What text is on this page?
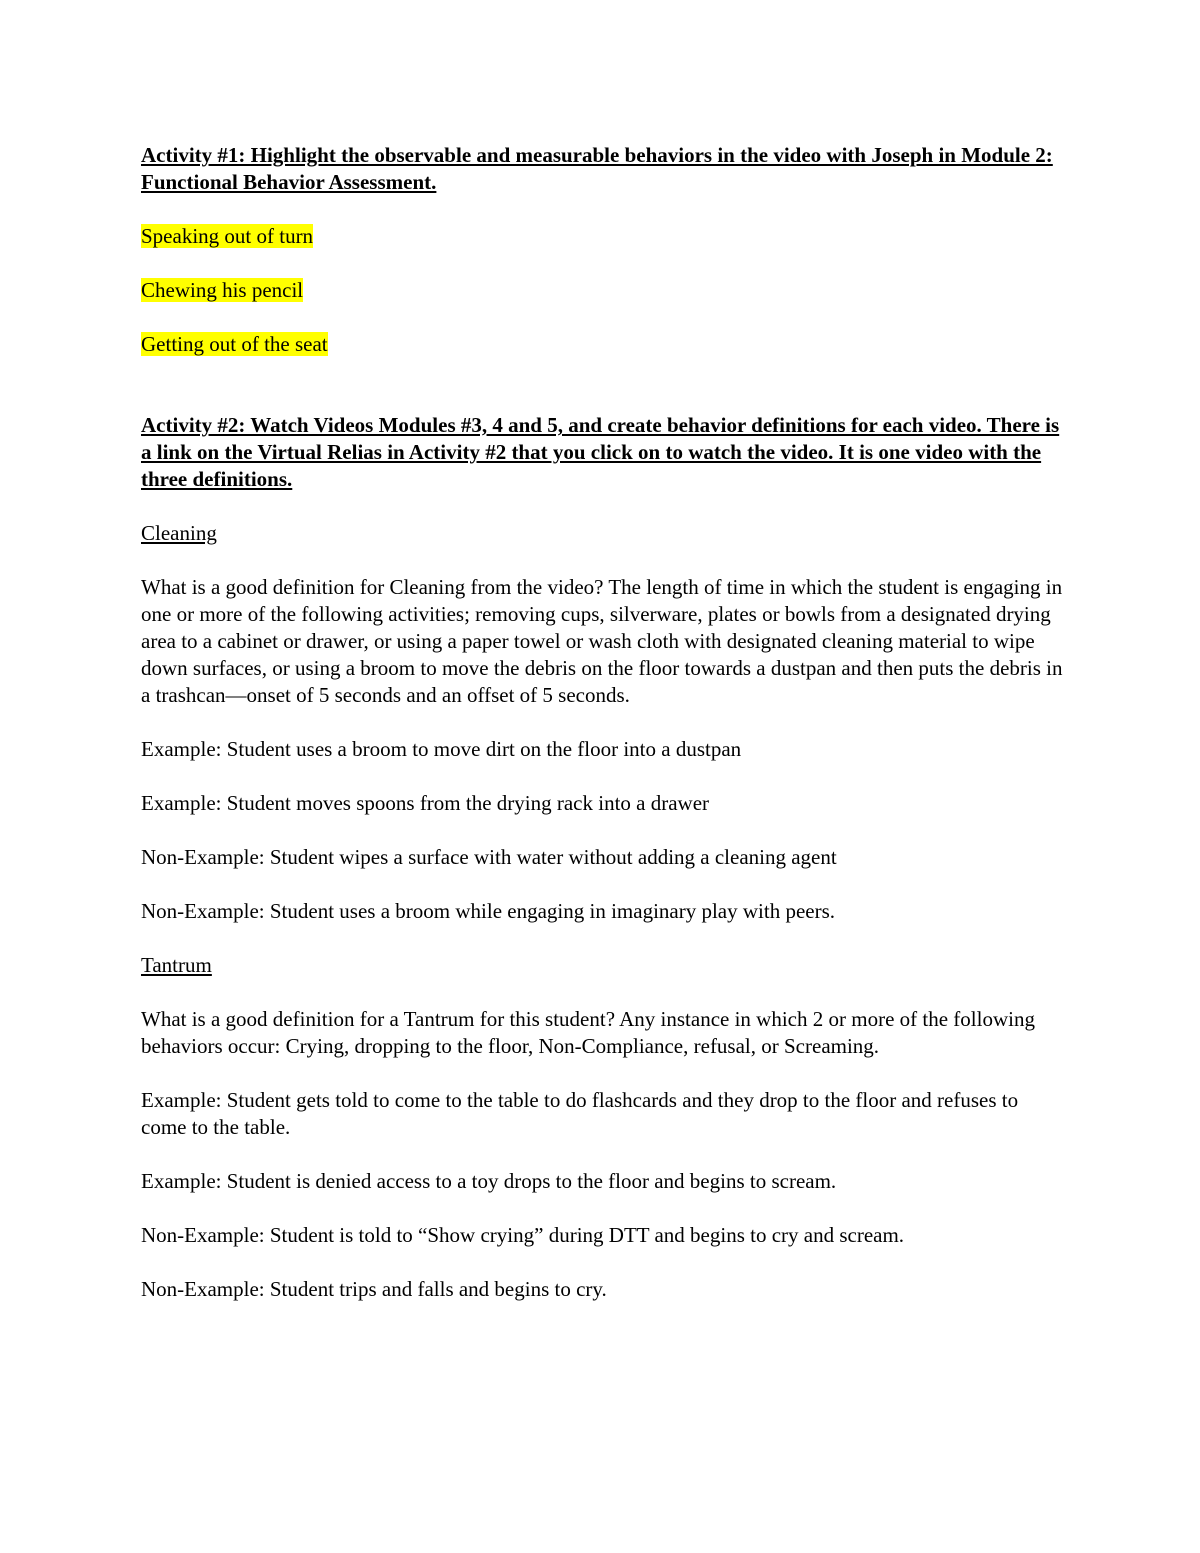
Activity #1: Highlight the observable and measurable behaviors in the video with Joseph in Module 2: Functional Behavior Assessment.

Speaking out of turn

Chewing his pencil

Getting out of the seat

Activity #2: Watch Videos Modules #3, 4 and 5, and create behavior definitions for each video. There is a link on the Virtual Relias in Activity #2 that you click on to watch the video. It is one video with the three definitions.

Cleaning

What is a good definition for Cleaning from the video? The length of time in which the student is engaging in one or more of the following activities; removing cups, silverware, plates or bowls from a designated drying area to a cabinet or drawer, or using a paper towel or wash cloth with designated cleaning material to wipe down surfaces, or using a broom to move the debris on the floor towards a dustpan and then puts the debris in a trashcan—onset of 5 seconds and an offset of 5 seconds.

Example: Student uses a broom to move dirt on the floor into a dustpan

Example: Student moves spoons from the drying rack into a drawer

Non-Example: Student wipes a surface with water without adding a cleaning agent

Non-Example: Student uses a broom while engaging in imaginary play with peers.

Tantrum

What is a good definition for a Tantrum for this student? Any instance in which 2 or more of the following behaviors occur: Crying, dropping to the floor, Non-Compliance, refusal, or Screaming.

Example: Student gets told to come to the table to do flashcards and they drop to the floor and refuses to come to the table.

Example: Student is denied access to a toy drops to the floor and begins to scream.

Non-Example: Student is told to “Show crying” during DTT and begins to cry and scream.

Non-Example: Student trips and falls and begins to cry.
